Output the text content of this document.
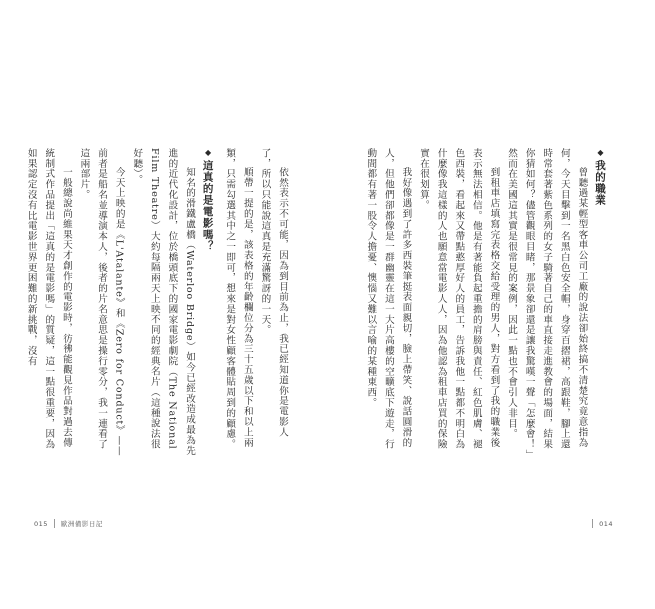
依然表示不可能，因為到目前為止，我已經知道你是電影人了，所以只能說這真是充滿驚訝的一天。

順帶一提的是，該表格的年齡欄位分為三十五歲以下和以上兩類，只需勾選其中之一即可，想來是對女性顧客體貼周到的顧慮。

◆這真的是電影嗎？

知名的滑鐵盧橋（Waterloo Bridge）如今已經改造成最為先進的近代化設計，位於橋頭底下的國家電影劇院（The National Film Theatre）大約每隔兩天上映不同的經典名片（這種說法很好聽）。

今天上映的是《L'Atalante》和《Zero for Conduct》——前者是船名並導演本人，後者的片名意思是操行零分，我一連看了這兩部片。

一般總說尚維果天才創作的電影時，彷彿能觀見作品對過去傳統制式作品提出「這真的是電影嗎」的質疑，這一點很重要，因為如果認定沒有比電影世界更困難的新挑戰，沒有

015 歐洲備影日記

◆我的職業

曾聽過某輕型客車公司工廠的說法卻始終搞不清楚究竟意指為何，今天目擊到一名黑白色安全帽，身穿百摺裙，高跟鞋，腳上還時常套著紫色系列的女子騎著自己的車直接走進教會的場面，結果你猜如何？儘管觀眼目睹，那景象卻還是讓我驚嘆一聲「怎麼會！」然而在美國這其實是很常見的案例，因此一點也不會引人非目。

到租車店填寫完表格交給受理的男人，對方看到了我的職業後表示無法相信。他是有著能負起重擔的肩膀與責任、紅色肌膚、褪色西裝，看起來又帶點憨厚好人的員工，告訴我他一點都不明白為什麼像我這樣的人也願意當電影人人，因為他認為租車店買的保險實在很划算。

我好像遇到了許多西裝筆挺表面親切，臉上帶笑、說話圓滑的人，但他們卻都像是一群幽靈在這一大片高樓的空曠底下遊走，行動間都有著一股令人擔憂、懊惱又難以言喻的某種東西。

014
